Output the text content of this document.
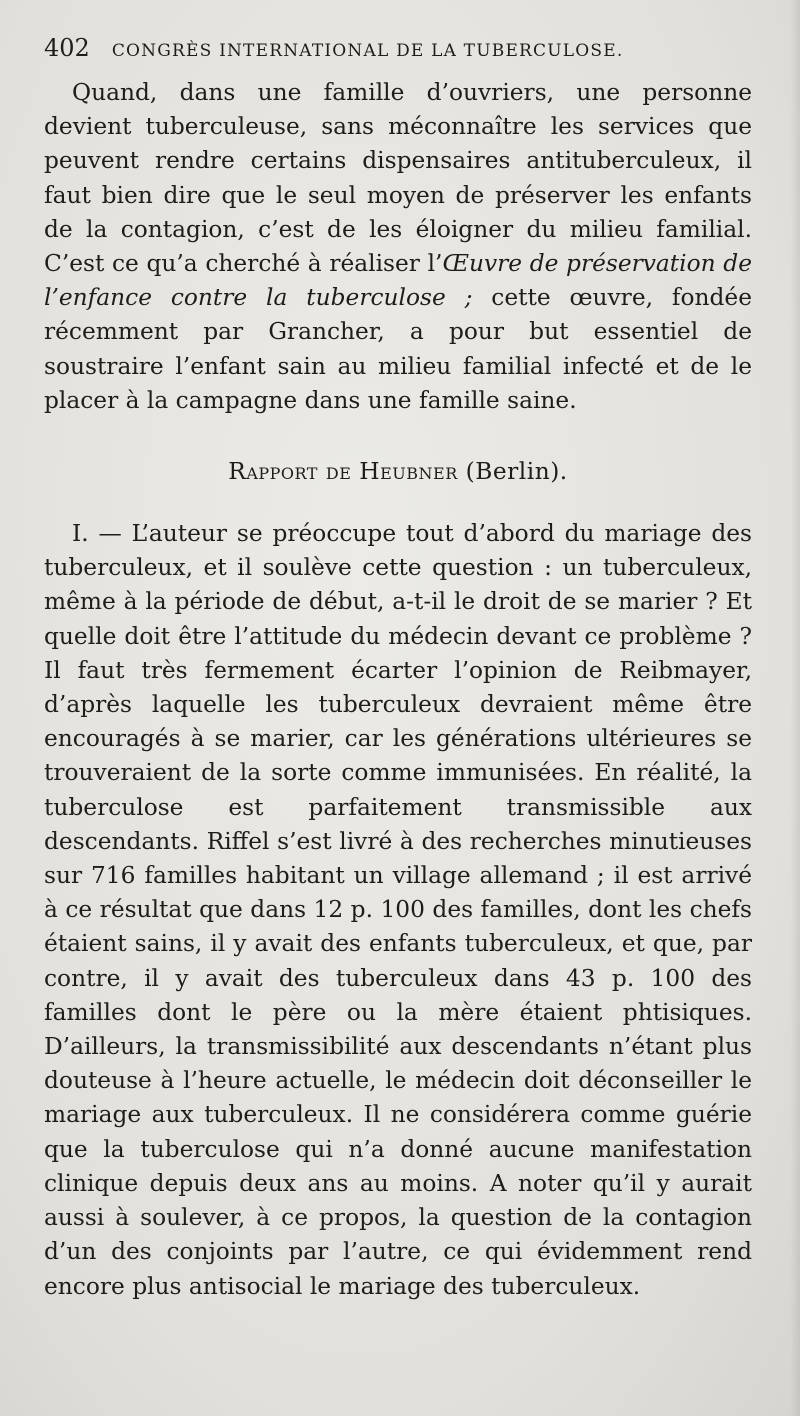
402 CONGRÈS INTERNATIONAL DE LA TUBERCULOSE.

Quand, dans une famille d’ouvriers, une personne devient tuberculeuse, sans méconnaître les services que peuvent rendre certains dispensaires antituberculeux, il faut bien dire que le seul moyen de préserver les enfants de la contagion, c’est de les éloigner du milieu familial. C’est ce qu’a cherché à réaliser l’Œuvre de préservation de l’enfance contre la tuberculose ; cette œuvre, fondée récemment par Grancher, a pour but essentiel de soustraire l’enfant sain au milieu familial infecté et de le placer à la campagne dans une famille saine.

Rapport de Heubner (Berlin).

I. — L’auteur se préoccupe tout d’abord du mariage des tuberculeux, et il soulève cette question : un tuberculeux, même à la période de début, a-t-il le droit de se marier ? Et quelle doit être l’attitude du médecin devant ce problème ? Il faut très fermement écarter l’opinion de Reibmayer, d’après laquelle les tuberculeux devraient même être encouragés à se marier, car les générations ultérieures se trouveraient de la sorte comme immunisées. En réalité, la tuberculose est parfaitement transmissible aux descendants. Riffel s’est livré à des recherches minutieuses sur 716 familles habitant un village allemand ; il est arrivé à ce résultat que dans 12 p. 100 des familles, dont les chefs étaient sains, il y avait des enfants tuberculeux, et que, par contre, il y avait des tuberculeux dans 43 p. 100 des familles dont le père ou la mère étaient phtisiques. D’ailleurs, la transmissibilité aux descendants n’étant plus douteuse à l’heure actuelle, le médecin doit déconseiller le mariage aux tuberculeux. Il ne considérera comme guérie que la tuberculose qui n’a donné aucune manifestation clinique depuis deux ans au moins. A noter qu’il y aurait aussi à soulever, à ce propos, la question de la contagion d’un des conjoints par l’autre, ce qui évidemment rend encore plus antisocial le mariage des tuberculeux.
